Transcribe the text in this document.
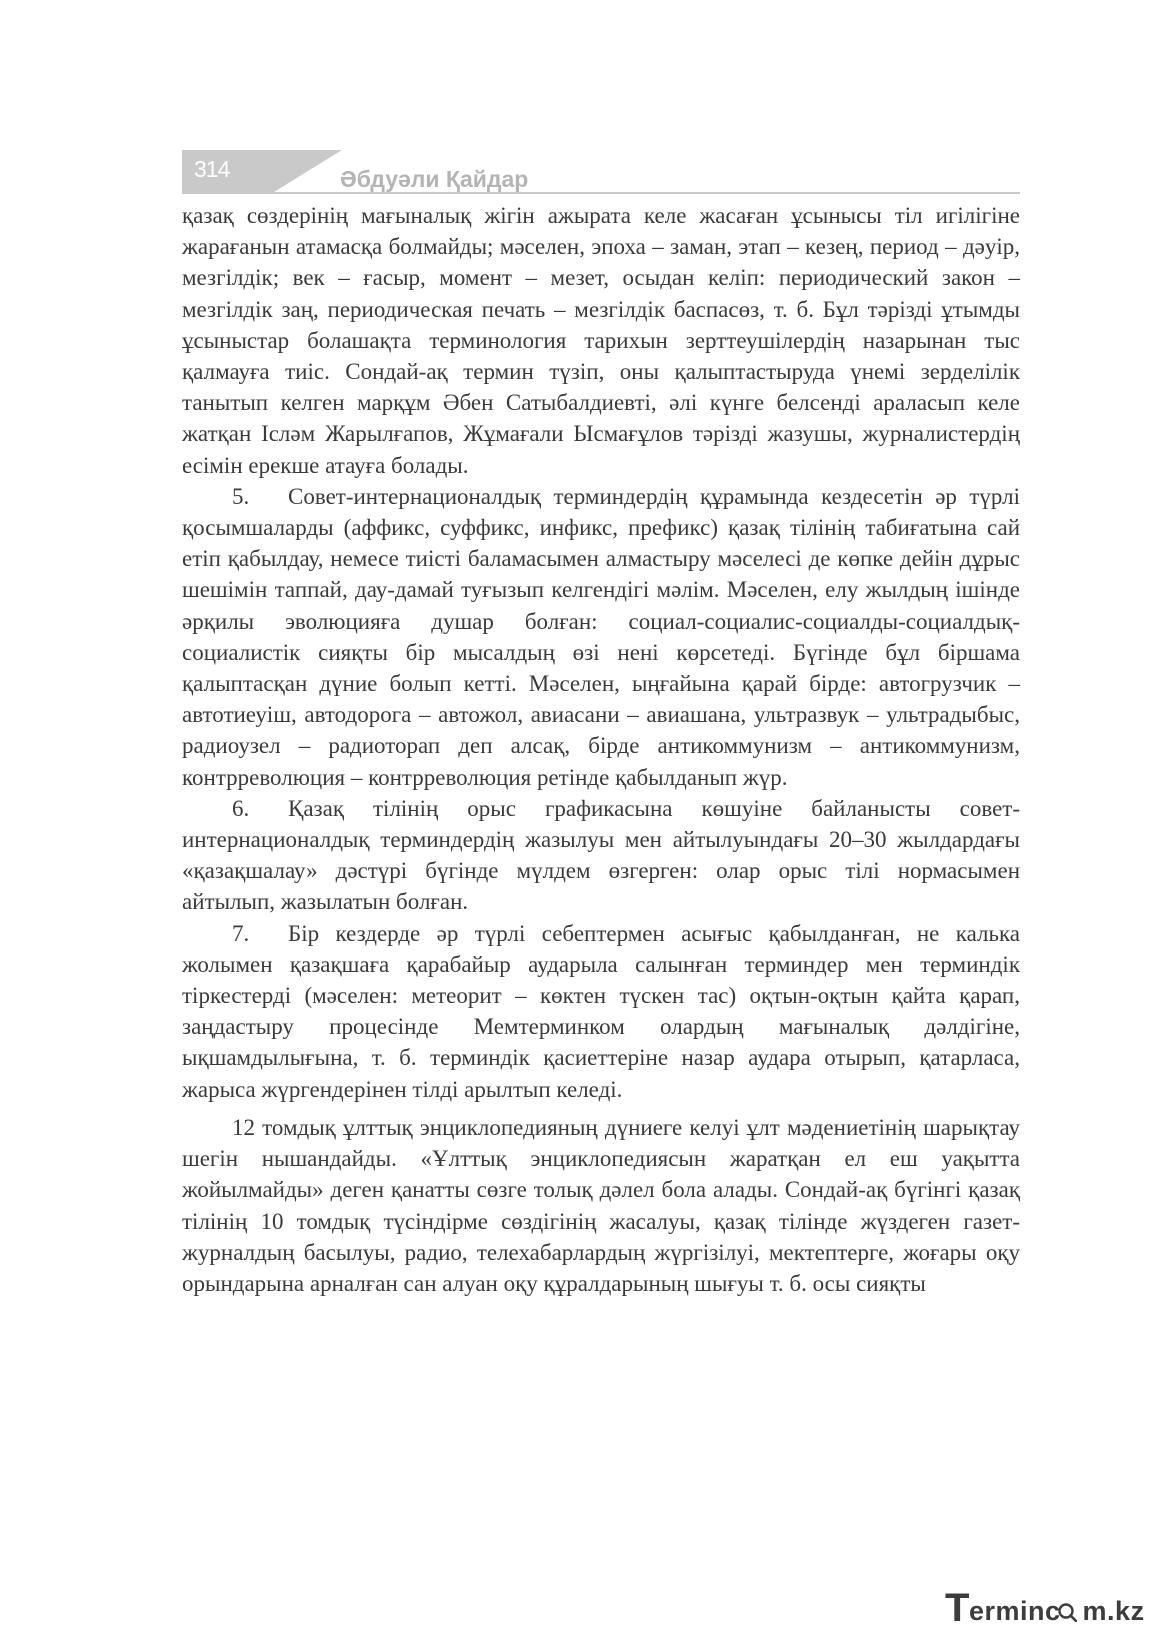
314	Әбдуәли Қайдар

қазақ сөздерінің мағыналық жігін ажырата келе жасаған ұсынысы тіл игілігіне жарағанын атамасқа болмайды; мәселен, эпоха – заман, этап – кезең, период – дәуір, мезгілдік; век – ғасыр, момент – мезет, осыдан келіп: периодический закон – мезгілдік заң, периодическая печать – мезгілдік баспасөз, т. б. Бұл тәрізді ұтымды ұсыныстар болашақта терминология тарихын зерттеушілердің назарынан тыс қалмауға тиіс. Сондай-ақ термин түзіп, оны қалыптастыруда үнемі зерделілік танытып келген марқұм Әбен Сатыбалдиевті, әлі күнге белсенді араласып келе жатқан Ісләм Жарылғапов, Жұмағали Ысмағұлов тәрізді жазушы, журналистердің есімін ерекше атауға болады.

5. Совет-интернационалдық терминдердің құрамында кездесетін әр түрлі қосымшаларды (аффикс, суффикс, инфикс, префикс) қазақ тілінің табиғатына сай етіп қабылдау, немесе тиісті баламасымен алмастыру мәселесі де көпке дейін дұрыс шешімін таппай, дау-дамай туғызып келгендігі мәлім. Мәселен, елу жылдың ішінде әрқилы эволюцияға душар болған: социал-социалис-социалды-социалдық-социалистік сияқты бір мысалдың өзі нені көрсетеді. Бүгінде бұл біршама қалыптасқан дүние болып кетті. Мәселен, ыңғайына қарай бірде: автогрузчик – автотиеуіш, автодорога – автожол, авиасани – авиашана, ультразвук – ультрадыбыс, радиоузел – радиоторап деп алсақ, бірде антикоммунизм – антикоммунизм, контрреволюция – контрреволюция ретінде қабылданып жүр.

6. Қазақ тілінің орыс графикасына көшуіне байланысты совет-интернационалдық терминдердің жазылуы мен айтылуындағы 20–30 жылдардағы «қазақшалау» дәстүрі бүгінде мүлдем өзгерген: олар орыс тілі нормасымен айтылып, жазылатын болған.

7. Бір кездерде әр түрлі себептермен асығыс қабылданған, не калька жолымен қазақшаға қарабайыр аударыла салынған терминдер мен терминдік тіркестерді (мәселен: метеорит – көктен түскен тас) оқтын-оқтын қайта қарап, заңдастыру процесінде Мемтерминком олардың мағыналық дәлдігіне, ықшамдылығына, т. б. терминдік қасиеттеріне назар аудара отырып, қатарласа, жарыса жүргендерінен тілді арылтып келеді.

12 томдық ұлттық энциклопедияның дүниеге келуі ұлт мәдениетінің шарықтау шегін нышандайды. «Ұлттық энциклопедиясын жаратқан ел еш уақытта жойылмайды» деген қанатты сөзге толық дәлел бола алады. Сондай-ақ бүгінгі қазақ тілінің 10 томдық түсіндірме сөздігінің жасалуы, қазақ тілінде жүздеген газет-журналдың басылуы, радио, телехабарлардың жүргізілуі, мектептерге, жоғары оқу орындарына арналған сан алуан оқу құралдарының шығуы т. б. осы сияқты

T erminc m.kz
